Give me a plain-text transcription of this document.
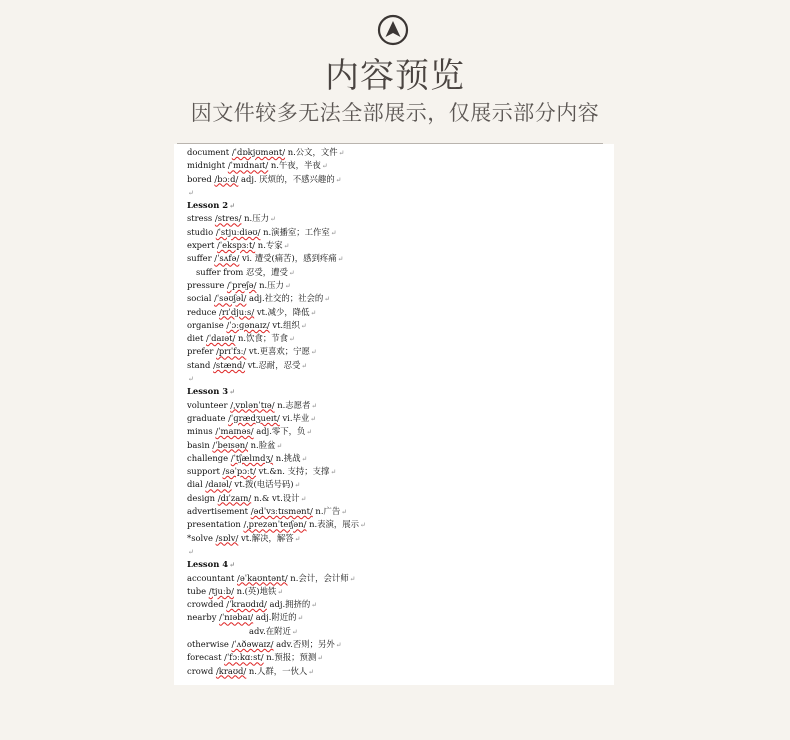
内容预览
因文件较多无法全部展示，仅展示部分内容
document /ˈdɒkjʊmənt/ n.公文，文件↵
midnight /ˈmɪdnaɪt/ n.午夜，半夜↵
bored /bɔːd/ adj. 厌烦的，不感兴趣的↵
↵
Lesson 2↵
stress /stres/ n.压力↵
studio /ˈstjuːdiəʊ/ n.演播室；工作室↵
expert /ˈekspɜːt/ n.专家↵
suffer /ˈsʌfə/ vi. 遭受(痛苦)，感到疼痛↵
suffer from 忍受，遭受↵
pressure /ˈpreʃə/ n.压力↵
social /ˈsəʊʃəl/ adj.社交的；社会的↵
reduce /rɪˈdjuːs/ vt.减少，降低↵
organise /ˈɔːɡənaɪz/ vt.组织↵
diet /ˈdaɪət/ n.饮食；节食↵
prefer /prɪˈfɜː/ vt.更喜欢；宁愿↵
stand /stænd/ vt.忍耐，忍受↵
↵
Lesson 3↵
volunteer /ˌvɒlənˈtɪə/ n.志愿者↵
graduate /ˈɡrædʒueɪt/ vi.毕业↵
minus /ˈmaɪnəs/ adj.零下，负↵
basin /ˈbeɪsən/ n.脸盆↵
challenge /ˈtʃælɪndʒ/ n.挑战↵
support /səˈpɔːt/ vt.&n. 支持；支撑↵
dial /daɪəl/ vt.拨(电话号码)↵
design /dɪˈzaɪn/ n.& vt.设计↵
advertisement /ədˈvɜːtɪsmənt/ n.广告↵
presentation /ˌprezənˈteɪʃən/ n.表演，展示↵
*solve /sɒlv/ vt.解决，解答↵
↵
Lesson 4↵
accountant /əˈkaʊntənt/ n.会计，会计师↵
tube /tjuːb/ n.(英)地铁↵
crowded /ˈkraʊdɪd/ adj.拥挤的↵
nearby /ˈnɪəbaɪ/ adj.附近的↵
adv.在附近↵
otherwise /ˈʌðəwaɪz/ adv.否则；另外↵
forecast /ˈfɔːkɑːst/ n.预报；预测↵
crowd /kraʊd/ n.人群，一伙人↵
